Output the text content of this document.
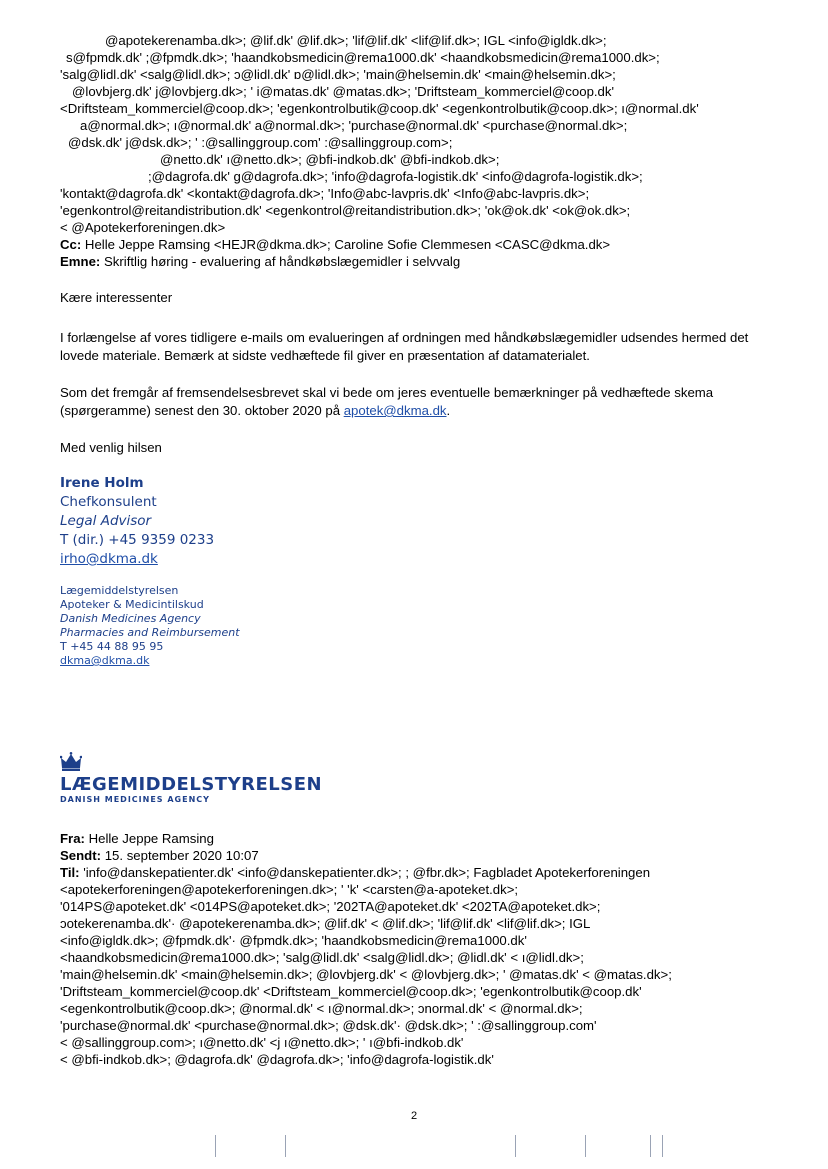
@apotekerenamba.dk>; @lif.dk' @lif.dk>; 'lif@lif.dk' <lif@lif.dk>; IGL <info@igldk.dk>;
s@fpmdk.dk' ;@fpmdk.dk>; 'haandkobsmedicin@rema1000.dk' <haandkobsmedicin@rema1000.dk>;
'salg@lidl.dk' <salg@lidl.dk>; ɔ@lidl.dk' ɒ@lidl.dk>; 'main@helsemin.dk' <main@helsemin.dk>;
@lovbjerg.dk' j@lovbjerg.dk>; ' i@matas.dk' @matas.dk>; 'Driftsteam_kommerciel@coop.dk'
<Driftsteam_kommerciel@coop.dk>; 'egenkontrolbutik@coop.dk' <egenkontrolbutik@coop.dk>; ı@normal.dk'
a@normal.dk>; ı@normal.dk' a@normal.dk>; 'purchase@normal.dk' <purchase@normal.dk>;
@dsk.dk' j@dsk.dk>; ' :@sallinggroup.com' :@sallinggroup.com>;
@netto.dk' ı@netto.dk>; @bfi-indkob.dk' @bfi-indkob.dk>;
;@dagrofa.dk' g@dagrofa.dk>; 'info@dagrofa-logistik.dk' <info@dagrofa-logistik.dk>;
'kontakt@dagrofa.dk' <kontakt@dagrofa.dk>; 'Info@abc-lavpris.dk' <Info@abc-lavpris.dk>;
'egenkontrol@reitandistribution.dk' <egenkontrol@reitandistribution.dk>; 'ok@ok.dk' <ok@ok.dk>;
< @Apotekerforeningen.dk>
Cc: Helle Jeppe Ramsing <HEJR@dkma.dk>; Caroline Sofie Clemmesen <CASC@dkma.dk>
Emne: Skriftlig høring - evaluering af håndkøbslægemidler i selvvalg
Kære interessenter
I forlængelse af vores tidligere e-mails om evalueringen af ordningen med håndkøbslægemidler udsendes hermed det lovede materiale. Bemærk at sidste vedhæftede fil giver en præsentation af datamaterialet.
Som det fremgår af fremsendelsesbrevet skal vi bede om jeres eventuelle bemærkninger på vedhæftede skema (spørgeramme) senest den 30. oktober 2020 på apotek@dkma.dk.
Med venlig hilsen
Irene Holm
Chefkonsulent
Legal Advisor
T (dir.) +45 9359 0233
irho@dkma.dk
Lægemiddelstyrelsen
Apoteker & Medicintilskud
Danish Medicines Agency
Pharmacies and Reimbursement
T +45 44 88 95 95
dkma@dkma.dk
LÆGEMIDDELSTYRELSEN
DANISH MEDICINES AGENCY
Fra: Helle Jeppe Ramsing
Sendt: 15. september 2020 10:07
Til: 'info@danskepatienter.dk' <info@danskepatienter.dk>; ; @fbr.dk>; Fagbladet Apotekerforeningen
<apotekerforeningen@apotekerforeningen.dk>; ' 'k' <carsten@a-apoteket.dk>;
'014PS@apoteket.dk' <014PS@apoteket.dk>; '202TA@apoteket.dk' <202TA@apoteket.dk>;
ɔotekerenamba.dk'· @apotekerenamba.dk>; @lif.dk' < @lif.dk>; 'lif@lif.dk' <lif@lif.dk>; IGL
<info@igldk.dk>; @fpmdk.dk'· @fpmdk.dk>; 'haandkobsmedicin@rema1000.dk'
<haandkobsmedicin@rema1000.dk>; 'salg@lidl.dk' <salg@lidl.dk>; @lidl.dk' < ı@lidl.dk>;
'main@helsemin.dk' <main@helsemin.dk>; @lovbjerg.dk' < @lovbjerg.dk>; ' @matas.dk' < @matas.dk>;
'Driftsteam_kommerciel@coop.dk' <Driftsteam_kommerciel@coop.dk>; 'egenkontrolbutik@coop.dk'
<egenkontrolbutik@coop.dk>; @normal.dk' < ı@normal.dk>; ɔnormal.dk' < @normal.dk>;
'purchase@normal.dk' <purchase@normal.dk>; @dsk.dk'· @dsk.dk>; ' :@sallinggroup.com'
< @sallinggroup.com>; ı@netto.dk' <j ı@netto.dk>; ' ı@bfi-indkob.dk'
< @bfi-indkob.dk>; @dagrofa.dk' @dagrofa.dk>; 'info@dagrofa-logistik.dk'
2
